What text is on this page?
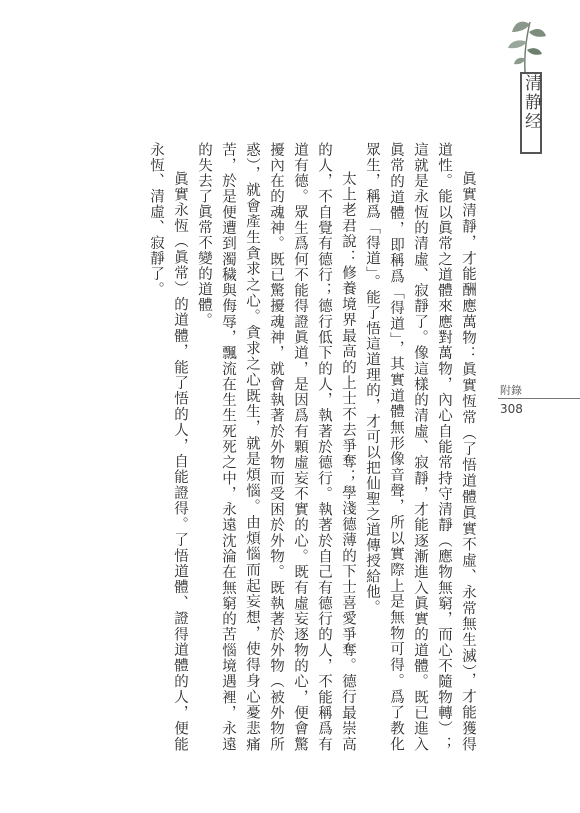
清静经
附錄
308

眞實清靜，才能酬應萬物：眞實恆常（了悟道體眞實不虛、永常無生滅），才能獲得道性。能以眞常之道體來應對萬物，內心自能常持守清靜（應物無窮，而心不隨物轉）；這就是永恆的清虛、寂靜了。像這樣的清虛、寂靜，才能逐漸進入眞實的道體。既已進入眞常的道體，即稱爲「得道」，其實道體無形像音聲，所以實際上是無物可得。爲了教化眾生，稱爲「得道」。能了悟這道理的，才可以把仙聖之道傳授給他。

太上老君說：修養境界最高的上士不去爭奪；學淺德薄的下士喜愛爭奪。德行最崇高的人，不自覺有德行；德行低下的人，執著於德行。執著於自己有德行的人，不能稱爲有道有德。眾生爲何不能得證眞道，是因爲有顆虛妄不實的心。既有虛妄逐物的心，便會驚擾內在的魂神。既已驚擾魂神，就會執著於外物而受困於外物。既執著於外物（被外物所惑），就會產生貪求之心。貪求之心既生，就是煩惱。由煩惱而起妄想，使得身心憂悲痛苦，於是便遭到濁穢與侮辱，飄流在生生死死之中，永遠沈淪在無窮的苦惱境遇裡，永遠的失去了眞常不變的道體。

眞實永恆（眞常）的道體，能了悟的人，自能證得。了悟道體、證得道體的人，便能永恆、清虛、寂靜了。
